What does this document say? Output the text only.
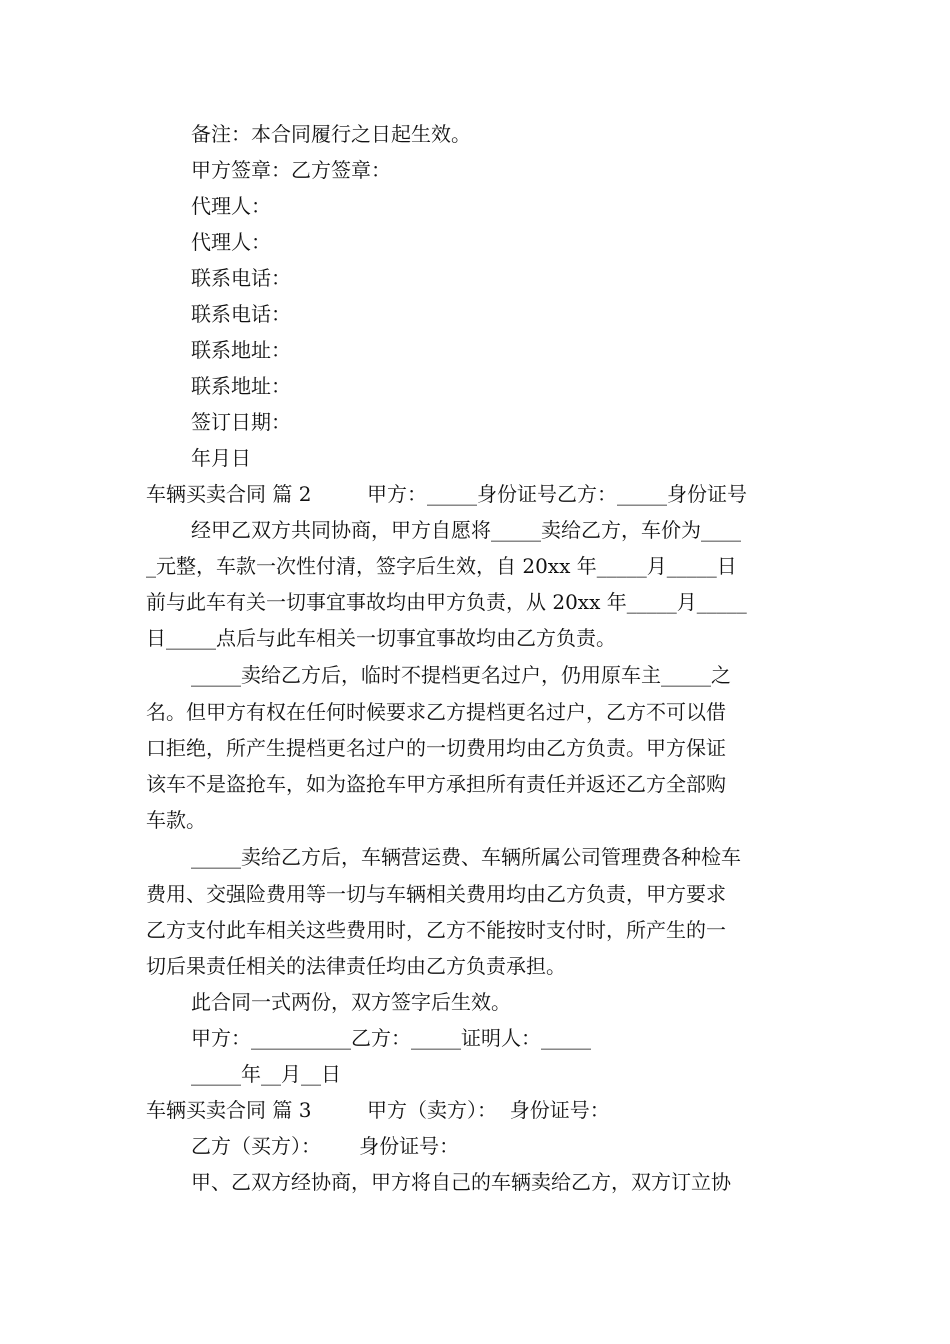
备注：本合同履行之日起生效。
甲方签章：乙方签章：
代理人：
代理人：
联系电话：
联系电话：
联系地址：
联系地址：
签订日期：
年月日
车辆买卖合同 篇 2	甲方：_____身份证号乙方：_____身份证号
经甲乙双方共同协商，甲方自愿将_____卖给乙方，车价为____
_元整，车款一次性付清，签字后生效，自 20xx 年_____月_____日
前与此车有关一切事宜事故均由甲方负责，从 20xx 年_____月_____
日_____点后与此车相关一切事宜事故均由乙方负责。
_____卖给乙方后，临时不提档更名过户，仍用原车主_____之
名。但甲方有权在任何时候要求乙方提档更名过户，乙方不可以借
口拒绝，所产生提档更名过户的一切费用均由乙方负责。甲方保证
该车不是盗抢车，如为盗抢车甲方承担所有责任并返还乙方全部购
车款。
_____卖给乙方后，车辆营运费、车辆所属公司管理费各种检车
费用、交强险费用等一切与车辆相关费用均由乙方负责，甲方要求
乙方支付此车相关这些费用时，乙方不能按时支付时，所产生的一
切后果责任相关的法律责任均由乙方负责承担。
此合同一式两份，双方签字后生效。
甲方：__________乙方：_____证明人：_____
_____年__月__日
车辆买卖合同 篇 3	甲方（卖方）：  身份证号：
乙方（买方）：      身份证号：
甲、乙双方经协商，甲方将自己的车辆卖给乙方，双方订立协
